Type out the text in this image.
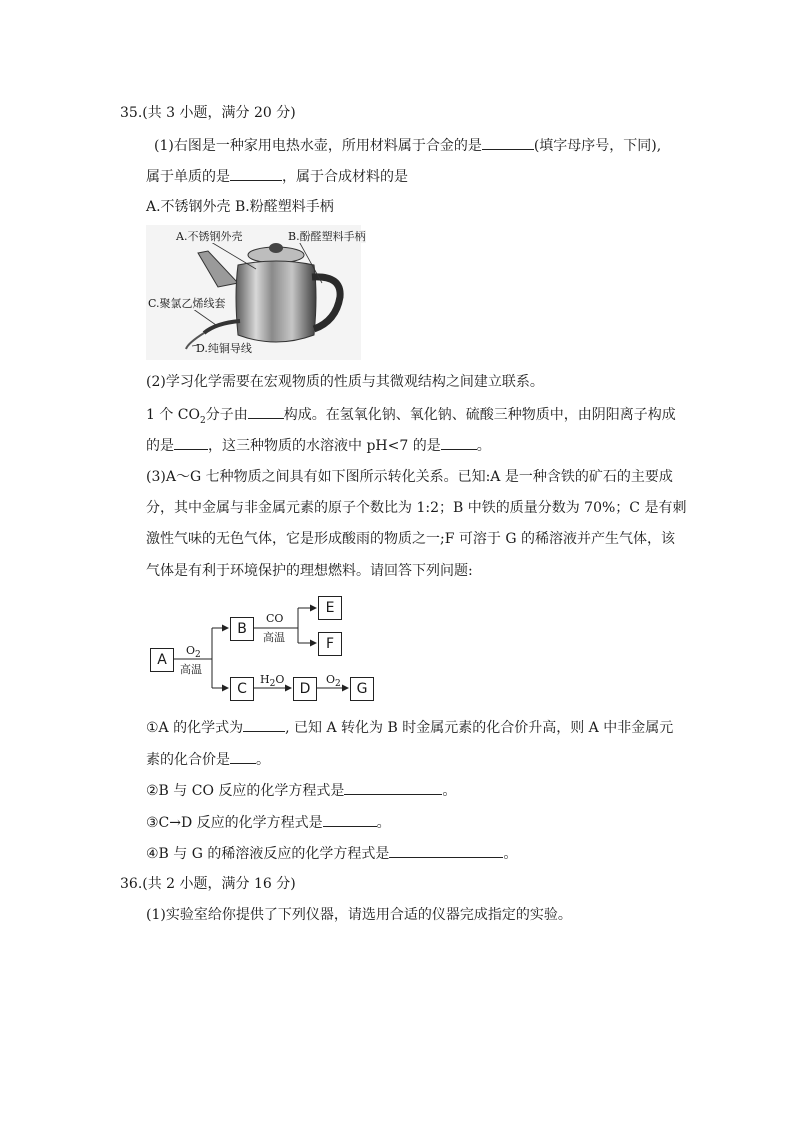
35.(共 3 小题，满分 20 分)
(1)右图是一种家用电热水壶，所用材料属于合金的是	(填字母序号，下同),
属于单质的是	，属于合成材料的是
A.不锈钢外壳 B.粉醛塑料手柄
A.不锈钢外壳	B.酚醛塑料手柄
C.聚氯乙烯线套
D.纯铜导线
(2)学习化学需要在宏观物质的性质与其微观结构之间建立联系。
1 个 $CO_2$分子由	构成。在氢氧化钠、氧化钠、硫酸三种物质中，由阴阳离子构成
的是 ，这三种物质的水溶液中 pH<7 的是	。
(3)A～G 七种物质之间具有如下图所示转化关系。已知:A 是一种含铁的矿石的主要成
分，其中金属与非金属元素的原子个数比为 1:2；B 中铁的质量分数为 70%；C 是有刺
激性气味的无色气体，它是形成酸雨的物质之一;F 可溶于 G 的稀溶液并产生气体，该
气体是有利于环境保护的理想燃料。请回答下列问题:
A
B
C
E
F
D	G
$O_2$
高温
CO
高温
$H_2O$	$O_2$
①A 的化学式为	, 已知 A 转化为 B 时金属元素的化合价升高，则 A 中非金属元
素的化合价是 。
②B 与 CO 反应的化学方程式是	。
③C→D 反应的化学方程式是	。
④B 与 G 的稀溶液反应的化学方程式是	。
36.(共 2 小题，满分 16 分)
(1)实验室给你提供了下列仪器，请选用合适的仪器完成指定的实验。
